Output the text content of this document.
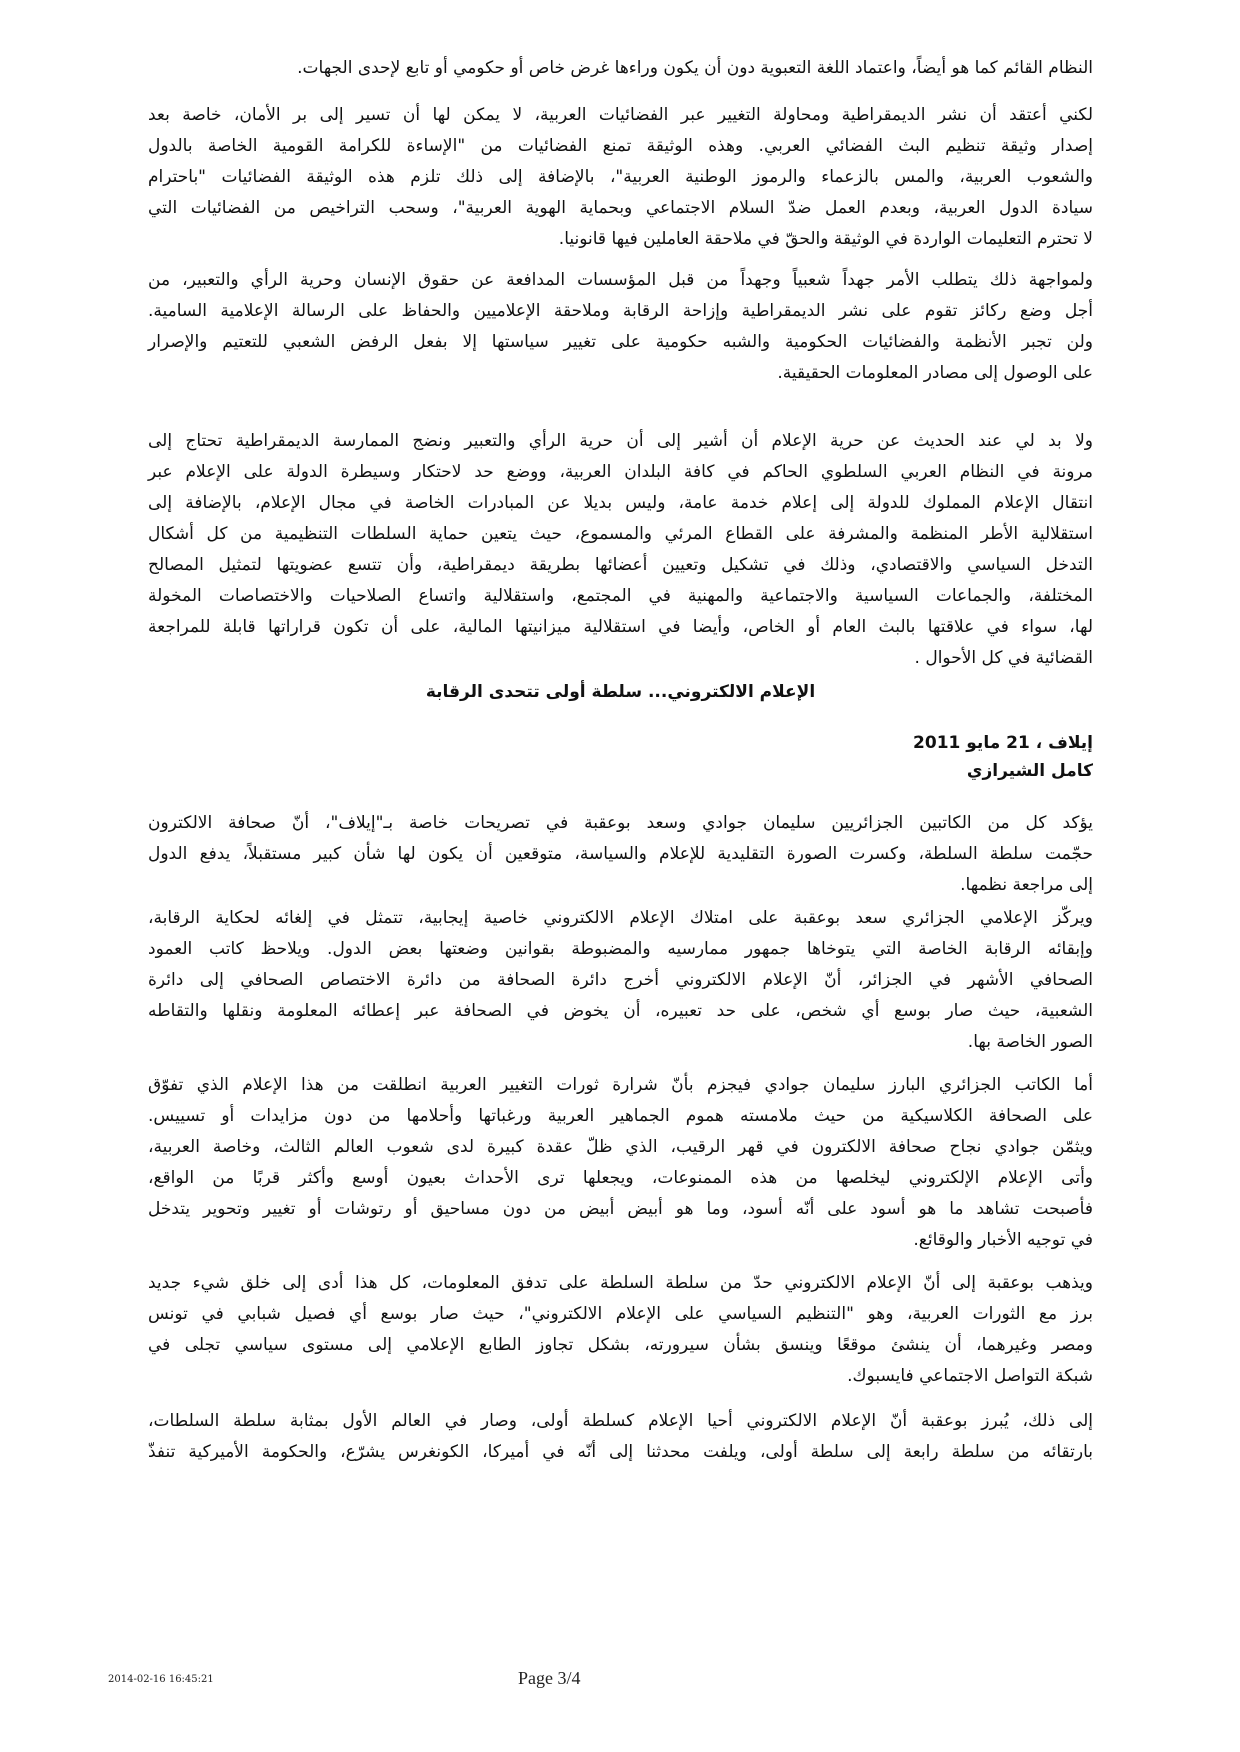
النظام القائم كما هو أيضاً، واعتماد اللغة التعبوية دون أن يكون وراءها غرض خاص أو حكومي أو تابع لإحدى الجهات.
لكني أعتقد أن نشر الديمقراطية ومحاولة التغيير عبر الفضائيات العربية، لا يمكن لها أن تسير إلى بر الأمان، خاصة بعد
إصدار وثيقة تنظيم البث الفضائي العربي. وهذه الوثيقة تمنع الفضائيات من "الإساءة للكرامة القومية الخاصة بالدول
والشعوب العربية، والمس بالزعماء والرموز الوطنية العربية"، بالإضافة إلى ذلك تلزم هذه الوثيقة الفضائيات "باحترام
سيادة الدول العربية، وبعدم العمل ضدّ السلام الاجتماعي وبحماية الهوية العربية"، وسحب التراخيص من الفضائيات التي
لا تحترم التعليمات الواردة في الوثيقة والحقّ في ملاحقة العاملين فيها قانونيا.
ولمواجهة ذلك يتطلب الأمر جهداً شعبياً وجهداً من قبل المؤسسات المدافعة عن حقوق الإنسان وحرية الرأي والتعبير، من
أجل وضع ركائز تقوم على نشر الديمقراطية وإزاحة الرقابة وملاحقة الإعلاميين والحفاظ على الرسالة الإعلامية السامية.
ولن تجبر الأنظمة والفضائيات الحكومية والشبه حكومية على تغيير سياستها إلا بفعل الرفض الشعبي للتعتيم والإصرار
على الوصول إلى مصادر المعلومات الحقيقية.
ولا بد لي عند الحديث عن حرية الإعلام أن أشير إلى أن حرية الرأي والتعبير ونضج الممارسة الديمقراطية تحتاج إلى
مرونة في النظام العربي السلطوي الحاكم في كافة البلدان العربية، ووضع حد لاحتكار وسيطرة الدولة على الإعلام عبر
انتقال الإعلام المملوك للدولة إلى إعلام خدمة عامة، وليس بديلا عن المبادرات الخاصة في مجال الإعلام، بالإضافة إلى
استقلالية الأطر المنظمة والمشرفة على القطاع المرئي والمسموع، حيث يتعين حماية السلطات التنظيمية من كل أشكال
التدخل السياسي والاقتصادي، وذلك في تشكيل وتعيين أعضائها بطريقة ديمقراطية، وأن تتسع عضويتها لتمثيل المصالح
المختلفة، والجماعات السياسية والاجتماعية والمهنية في المجتمع، واستقلالية واتساع الصلاحيات والاختصاصات المخولة
لها، سواء في علاقتها بالبث العام أو الخاص، وأيضا في استقلالية ميزانيتها المالية، على أن تكون قراراتها قابلة للمراجعة
القضائية في كل الأحوال .
الإعلام الالكتروني... سلطة أولى تتحدى الرقابة
إيلاف ، 21 مايو 2011
كامل الشيرازي
يؤكد كل من الكاتبين الجزائريين سليمان جوادي وسعد بوعقبة في تصريحات خاصة بـ"إيلاف"، أنّ صحافة الالكترون
حجّمت سلطة السلطة، وكسرت الصورة التقليدية للإعلام والسياسة، متوقعين أن يكون لها شأن كبير مستقبلاً، يدفع الدول
إلى مراجعة نظمها.
ويركّز الإعلامي الجزائري سعد بوعقبة على امتلاك الإعلام الالكتروني خاصية إيجابية، تتمثل في إلغائه لحكاية الرقابة،
وإبقائه الرقابة الخاصة التي يتوخاها جمهور ممارسيه والمضبوطة بقوانين وضعتها بعض الدول. ويلاحظ كاتب العمود
الصحافي الأشهر في الجزائر، أنّ الإعلام الالكتروني أخرج دائرة الصحافة من دائرة الاختصاص الصحافي إلى دائرة
الشعبية، حيث صار بوسع أي شخص، على حد تعبيره، أن يخوض في الصحافة عبر إعطائه المعلومة ونقلها والتقاطه
الصور الخاصة بها.
أما الكاتب الجزائري البارز سليمان جوادي فيجزم بأنّ شرارة ثورات التغيير العربية انطلقت من هذا الإعلام الذي تفوّق
على الصحافة الكلاسيكية من حيث ملامسته هموم الجماهير العربية ورغباتها وأحلامها من دون مزايدات أو تسييس.
ويثمّن جوادي نجاح صحافة الالكترون في قهر الرقيب، الذي ظلّ عقدة كبيرة لدى شعوب العالم الثالث، وخاصة العربية،
وأتى الإعلام الإلكتروني ليخلصها من هذه الممنوعات، ويجعلها ترى الأحداث بعيون أوسع وأكثر قربًا من الواقع،
فأصبحت تشاهد ما هو أسود على أنّه أسود، وما هو أبيض أبيض من دون مساحيق أو رتوشات أو تغيير وتحوير يتدخل
في توجيه الأخبار والوقائع.
ويذهب بوعقبة إلى أنّ الإعلام الالكتروني حدّ من سلطة السلطة على تدفق المعلومات، كل هذا أدى إلى خلق شيء جديد
برز مع الثورات العربية، وهو "التنظيم السياسي على الإعلام الالكتروني"، حيث صار بوسع أي فصيل شبابي في تونس
ومصر وغيرهما، أن ينشئ موقعًا وينسق بشأن سيرورته، بشكل تجاوز الطابع الإعلامي إلى مستوى سياسي تجلى في
شبكة التواصل الاجتماعي فايسبوك.
إلى ذلك، يُبرز بوعقبة أنّ الإعلام الالكتروني أحيا الإعلام كسلطة أولى، وصار في العالم الأول بمثابة سلطة السلطات،
بارتقائه من سلطة رابعة إلى سلطة أولى، ويلفت محدثنا إلى أنّه في أميركا، الكونغرس يشرّع، والحكومة الأميركية تنفذّ
2014-02-16 16:45:21	Page 3/4
